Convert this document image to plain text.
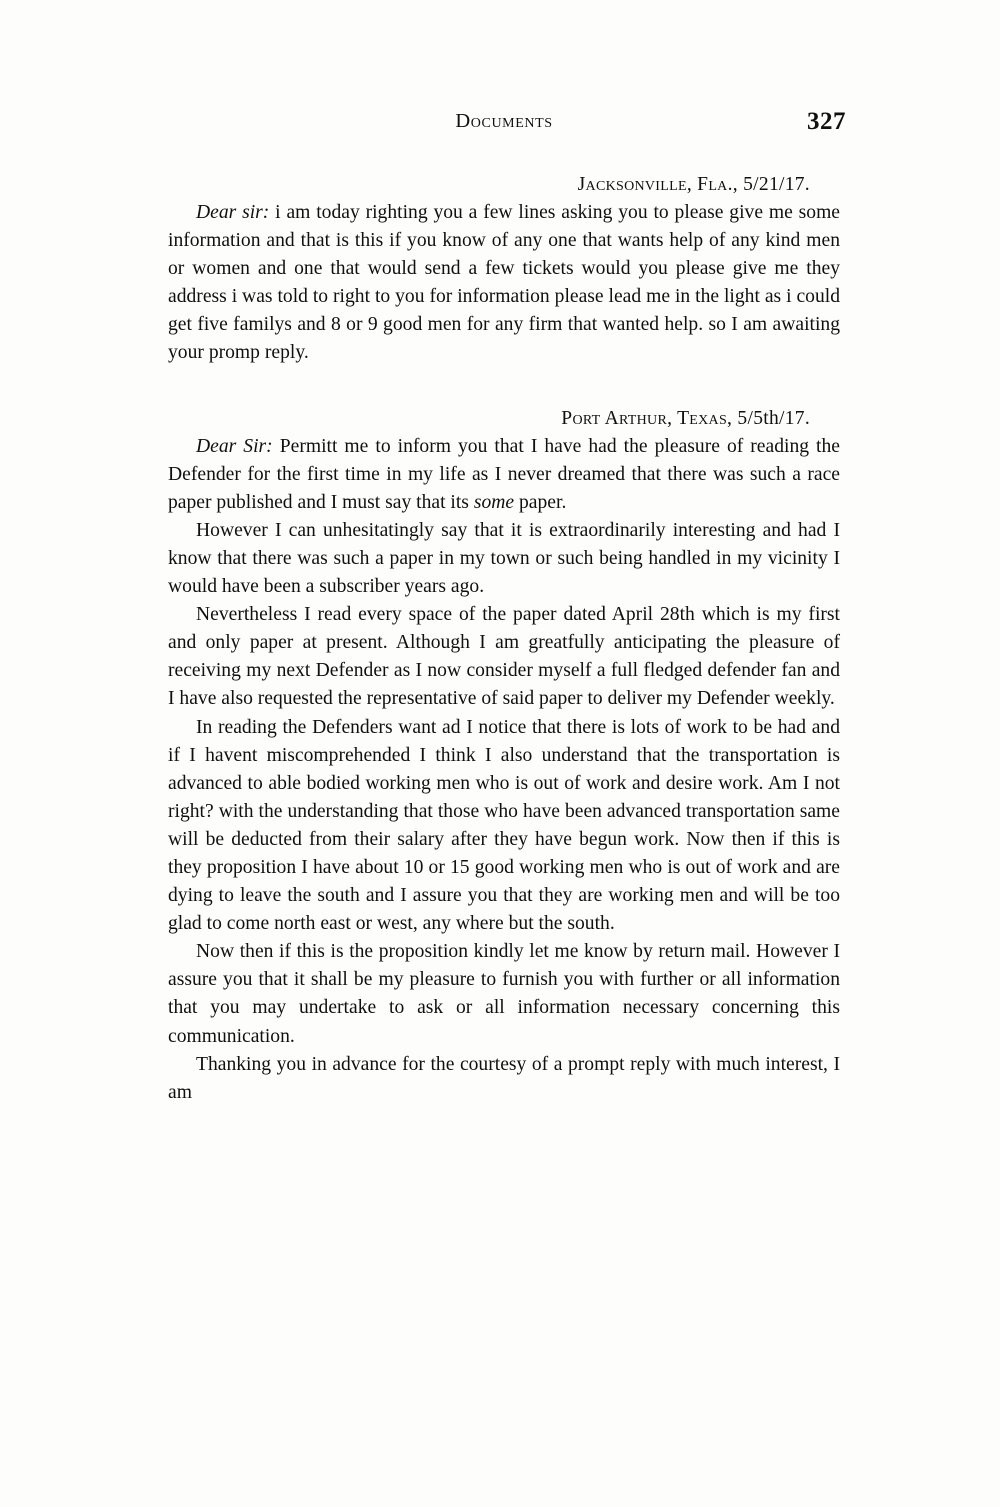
Documents	327
Jacksonville, Fla., 5/21/17.

Dear sir: i am today righting you a few lines asking you to please give me some information and that is this if you know of any one that wants help of any kind men or women and one that would send a few tickets would you please give me they address i was told to right to you for information please lead me in the light as i could get five familys and 8 or 9 good men for any firm that wanted help. so I am awaiting your promp reply.

Port Arthur, Texas, 5/5th/17.

Dear Sir: Permitt me to inform you that I have had the pleasure of reading the Defender for the first time in my life as I never dreamed that there was such a race paper published and I must say that its some paper.

However I can unhesitatingly say that it is extraordinarily interesting and had I know that there was such a paper in my town or such being handled in my vicinity I would have been a subscriber years ago.

Nevertheless I read every space of the paper dated April 28th which is my first and only paper at present. Although I am greatfully anticipating the pleasure of receiving my next Defender as I now consider myself a full fledged defender fan and I have also requested the representative of said paper to deliver my Defender weekly.

In reading the Defenders want ad I notice that there is lots of work to be had and if I havent miscomprehended I think I also understand that the transportation is advanced to able bodied working men who is out of work and desire work. Am I not right? with the understanding that those who have been advanced transportation same will be deducted from their salary after they have begun work. Now then if this is they proposition I have about 10 or 15 good working men who is out of work and are dying to leave the south and I assure you that they are working men and will be too glad to come north east or west, any where but the south.

Now then if this is the proposition kindly let me know by return mail. However I assure you that it shall be my pleasure to furnish you with further or all information that you may undertake to ask or all information necessary concerning this communication.

Thanking you in advance for the courtesy of a prompt reply with much interest, I am
